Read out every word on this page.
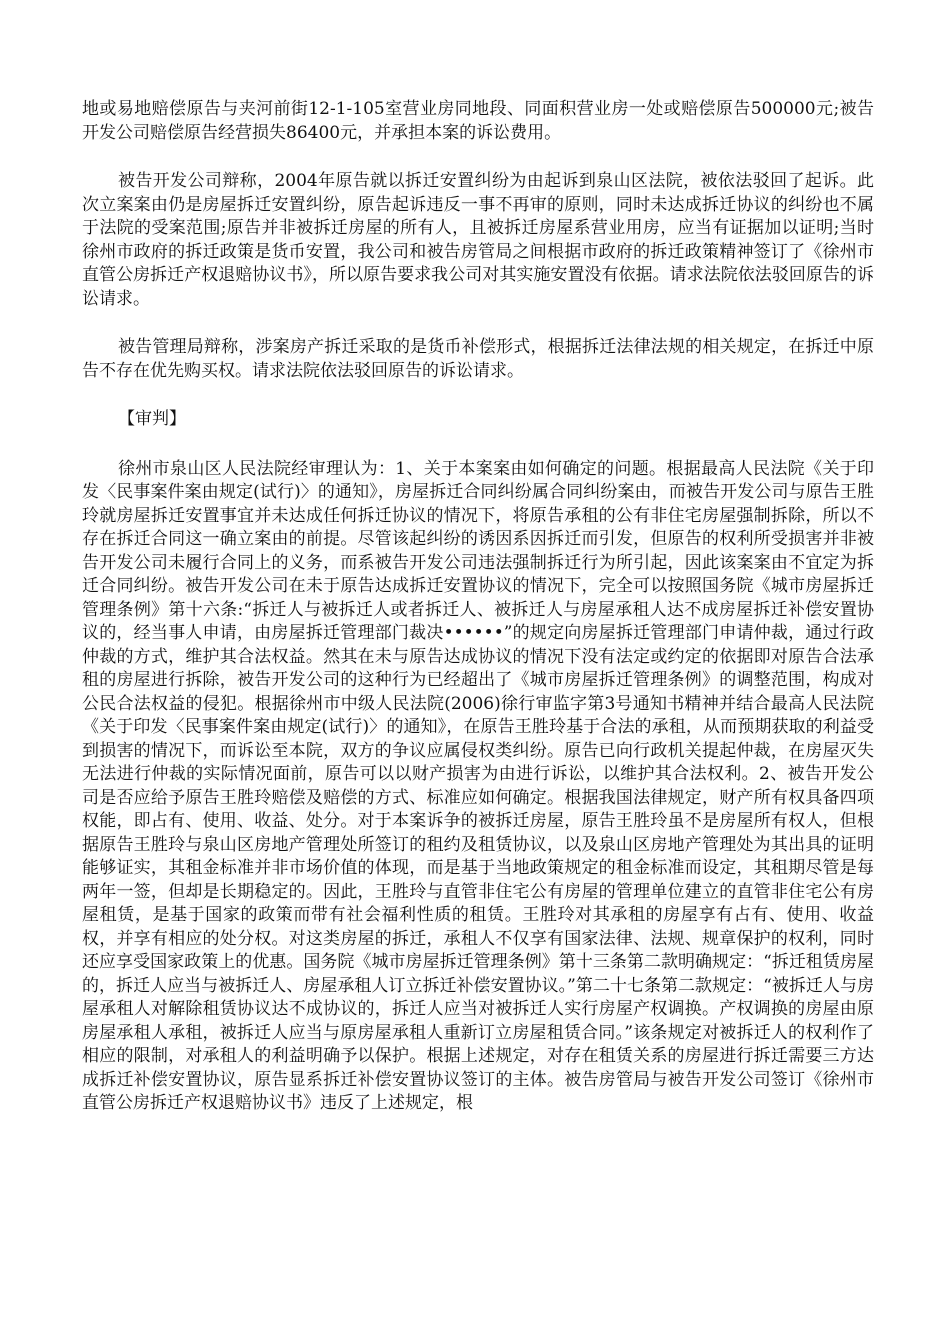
地或易地赔偿原告与夹河前街12-1-105室营业房同地段、同面积营业房一处或赔偿原告500000元;被告开发公司赔偿原告经营损失86400元，并承担本案的诉讼费用。

被告开发公司辩称，2004年原告就以拆迁安置纠纷为由起诉到泉山区法院，被依法驳回了起诉。此次立案案由仍是房屋拆迁安置纠纷，原告起诉违反一事不再审的原则，同时未达成拆迁协议的纠纷也不属于法院的受案范围;原告并非被拆迁房屋的所有人，且被拆迁房屋系营业用房，应当有证据加以证明;当时徐州市政府的拆迁政策是货币安置，我公司和被告房管局之间根据市政府的拆迁政策精神签订了《徐州市直管公房拆迁产权退赔协议书》，所以原告要求我公司对其实施安置没有依据。请求法院依法驳回原告的诉讼请求。

被告管理局辩称，涉案房产拆迁采取的是货币补偿形式，根据拆迁法律法规的相关规定，在拆迁中原告不存在优先购买权。请求法院依法驳回原告的诉讼请求。

【审判】

徐州市泉山区人民法院经审理认为：1、关于本案案由如何确定的问题。根据最高人民法院《关于印发〈民事案件案由规定(试行)〉的通知》，房屋拆迁合同纠纷属合同纠纷案由，而被告开发公司与原告王胜玲就房屋拆迁安置事宜并未达成任何拆迁协议的情况下，将原告承租的公有非住宅房屋强制拆除，所以不存在拆迁合同这一确立案由的前提。尽管该起纠纷的诱因系因拆迁而引发，但原告的权利所受损害并非被告开发公司未履行合同上的义务，而系被告开发公司违法强制拆迁行为所引起，因此该案案由不宜定为拆迁合同纠纷。被告开发公司在未于原告达成拆迁安置协议的情况下，完全可以按照国务院《城市房屋拆迁管理条例》第十六条:“拆迁人与被拆迁人或者拆迁人、被拆迁人与房屋承租人达不成房屋拆迁补偿安置协议的，经当事人申请，由房屋拆迁管理部门裁决••••••”的规定向房屋拆迁管理部门申请仲裁，通过行政仲裁的方式，维护其合法权益。然其在未与原告达成协议的情况下没有法定或约定的依据即对原告合法承租的房屋进行拆除，被告开发公司的这种行为已经超出了《城市房屋拆迁管理条例》的调整范围，构成对公民合法权益的侵犯。根据徐州市中级人民法院(2006)徐行审监字第3号通知书精神并结合最高人民法院《关于印发〈民事案件案由规定(试行)〉的通知》，在原告王胜玲基于合法的承租，从而预期获取的利益受到损害的情况下，而诉讼至本院，双方的争议应属侵权类纠纷。原告已向行政机关提起仲裁，在房屋灭失无法进行仲裁的实际情况面前，原告可以以财产损害为由进行诉讼，以维护其合法权利。2、被告开发公司是否应给予原告王胜玲赔偿及赔偿的方式、标准应如何确定。根据我国法律规定，财产所有权具备四项权能，即占有、使用、收益、处分。对于本案诉争的被拆迁房屋，原告王胜玲虽不是房屋所有权人，但根据原告王胜玲与泉山区房地产管理处所签订的租约及租赁协议，以及泉山区房地产管理处为其出具的证明能够证实，其租金标准并非市场价值的体现，而是基于当地政策规定的租金标准而设定，其租期尽管是每两年一签，但却是长期稳定的。因此，王胜玲与直管非住宅公有房屋的管理单位建立的直管非住宅公有房屋租赁，是基于国家的政策而带有社会福利性质的租赁。王胜玲对其承租的房屋享有占有、使用、收益权，并享有相应的处分权。对这类房屋的拆迁，承租人不仅享有国家法律、法规、规章保护的权利，同时还应享受国家政策上的优惠。国务院《城市房屋拆迁管理条例》第十三条第二款明确规定：“拆迁租赁房屋的，拆迁人应当与被拆迁人、房屋承租人订立拆迁补偿安置协议。”第二十七条第二款规定：“被拆迁人与房屋承租人对解除租赁协议达不成协议的，拆迁人应当对被拆迁人实行房屋产权调换。产权调换的房屋由原房屋承租人承租，被拆迁人应当与原房屋承租人重新订立房屋租赁合同。”该条规定对被拆迁人的权利作了相应的限制，对承租人的利益明确予以保护。根据上述规定，对存在租赁关系的房屋进行拆迁需要三方达成拆迁补偿安置协议，原告显系拆迁补偿安置协议签订的主体。被告房管局与被告开发公司签订《徐州市直管公房拆迁产权退赔协议书》违反了上述规定，根
